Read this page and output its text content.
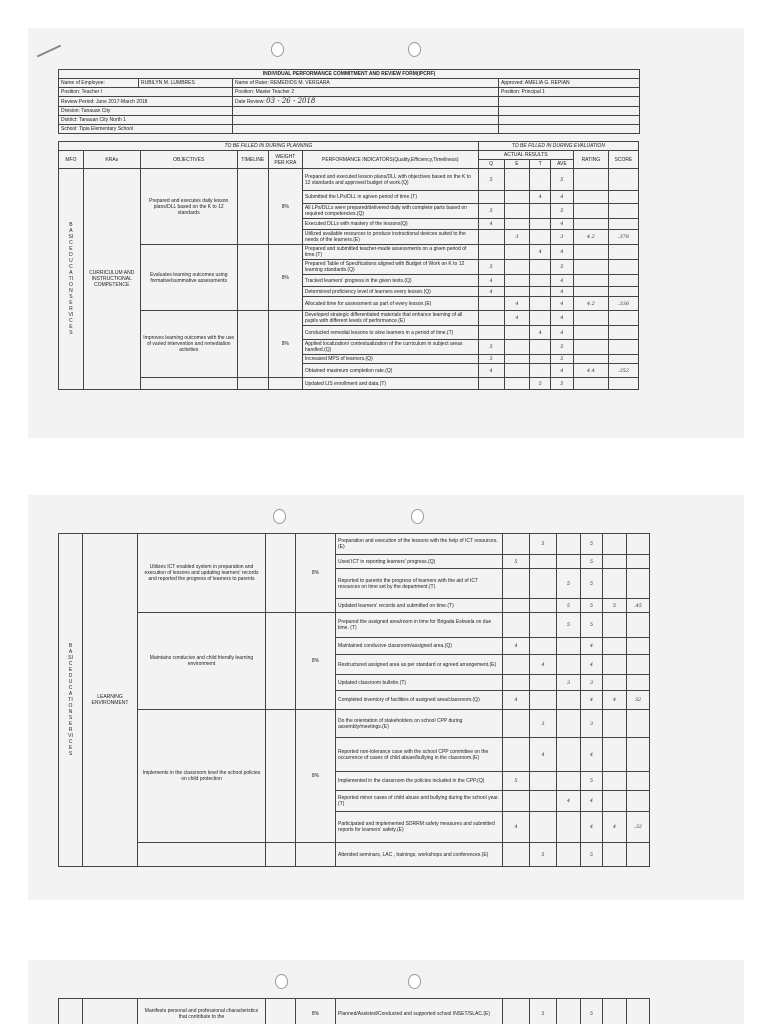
INDIVIDUAL PERFORMANCE COMMITMENT AND REVIEW FORM(IPCRF)			
Name of Employee:	RUBILYN M. LUMBRES	Name of Rater: REMEDIOS M. VERGARA	Approved: AMELIA G. REPIAN
Position: Teacher I		Position: Master Teacher 2	Position: Principal 1
Review Period: June 2017-March 2018		Date Review: 03 - 26 - 2018	
Division: Tanauan City			
District: Tanauan City North 1			
School: Tipia Elementary School			
TO BE FILLED IN DURING PLANNING						TO BE FILLED IN DURING EVALUATION					
MFO	KRAs	OBJECTIVES	TIMELINE	WEIGHT PER KRA	PERFORMANCE INDICATORS(Quality,Efficiency,Timeliness)	ACTUAL RESULTS				RATING	SCORE
						Q	E	T	AVE		
BASIC EDUCATION SERVICES	CURRICULUM AND INSTRUCTIONAL COMPETENCE	Prepared and executes daily lesson plans/DLL based on the K to 12 standards		8%	Prepared and executed lesson plans/DLL with objectives based on the K to 12 standards and approved budget of work.(Q)	5			5		
					Submitted the LPs/DLL in agiven period of time.(T)			4	4		
					All LPs/DLLs were prepared/delivered daily with complete parts based on required competencies.(Q)	5			5		
					Executed DLLs with mastery of the lessons(Q)	4			4		
					Utilized available resources to produce instructional devices suited to the needs of the learners.(E)		3		3	4.2	.378
		Evaluates learning outcomes using formative/summative assessments		8%	Prepared and submitted teacher-made assessments on a given period of time.(T)			4	4		
					Prepared Table of Specifications aligned with Budget of Work on K to 12 learning standards.(Q)	5			5		
					Tracked learners' progress in the given tests.(Q)	4			4		
					Determined proficiency level of learners every lesson.(Q)	4			4		
					Allocated time for assessment as part of every lesson.(E)		4		4	4.2	.336
		Improves learning outcomes with the use of varied intervention and remediation activities		8%	Developed strategic differentiated materials that enhance learning of all pupils with different levels of performance.(E)		4		4		
					Conducted remedial lessons to slow learners in a period of time.(T)			4	4		
					Applied localization/ contextualization of the curriculum in subject areas handled.(Q)	5			5		
					Increased MPS of learners.(Q)	5			5		
					Obtained maximum completion rate.(Q)	4			4	4.4	.352
					Updated LIS enrollment and data.(T)			5	5		
BASIC EDUCATION SERVICES	LEARNING ENVIRONMENT	Utilizes ICT enabled system in preparation and execution of lessons and updating learners' records and reported the progress of learners to parents		8%	Preparation and execution of the lessons with the help of ICT resources.(E)		5		5		
					Used ICT in reporting learners' progress.(Q)	5			5		
					Reported to parents the progress of learners with the aid of ICT resources on time set by the department.(T)			5	5		
					Updated learners' records and submitted on time.(T)			5	5	5	.45
		Maintains conducive and child friendly learning environment		8%	Prepared the assigned area/room in time for Brigada Eskwela on due time. (T)			5	5		
					Maintained conducive classroom/assigned area.(Q)	4			4		
					Restructured assigned area as per standard or agreed arrangement.(E)		4		4		
					Updated classroom bulletin.(T)			3	3		
					Completed inventory of facilities of assigned area/classroom.(Q)	4			4	4	32
		Implements in the classroom level the school policies on child protection		8%	Do the orientation of stakeholders on school CPP during assembly/meetings.(E)		3		3		
					Reported non-tolerance case with the school CPP committee on the occurrence of cases of child abuse/bullying in the classroom.(E)		4		4		
					Implemented in the classroom the policies included in the CPP.(Q)	5			5		
					Reported minor cases of child abuse and bullying during the school year.(T)			4	4		
					Participated and implemented SDRRM safety measures and submitted reports for learners' safety.(E)	4			4	4	.32
					Attended seminars, LAC , trainings, workshops and conferences.(E)		5		5		
		Manifests personal and professional characteristics that contribute to the		8%	Planned/Assisted/Conducted and supported school INSET/SLAC.(E)		5		5		
